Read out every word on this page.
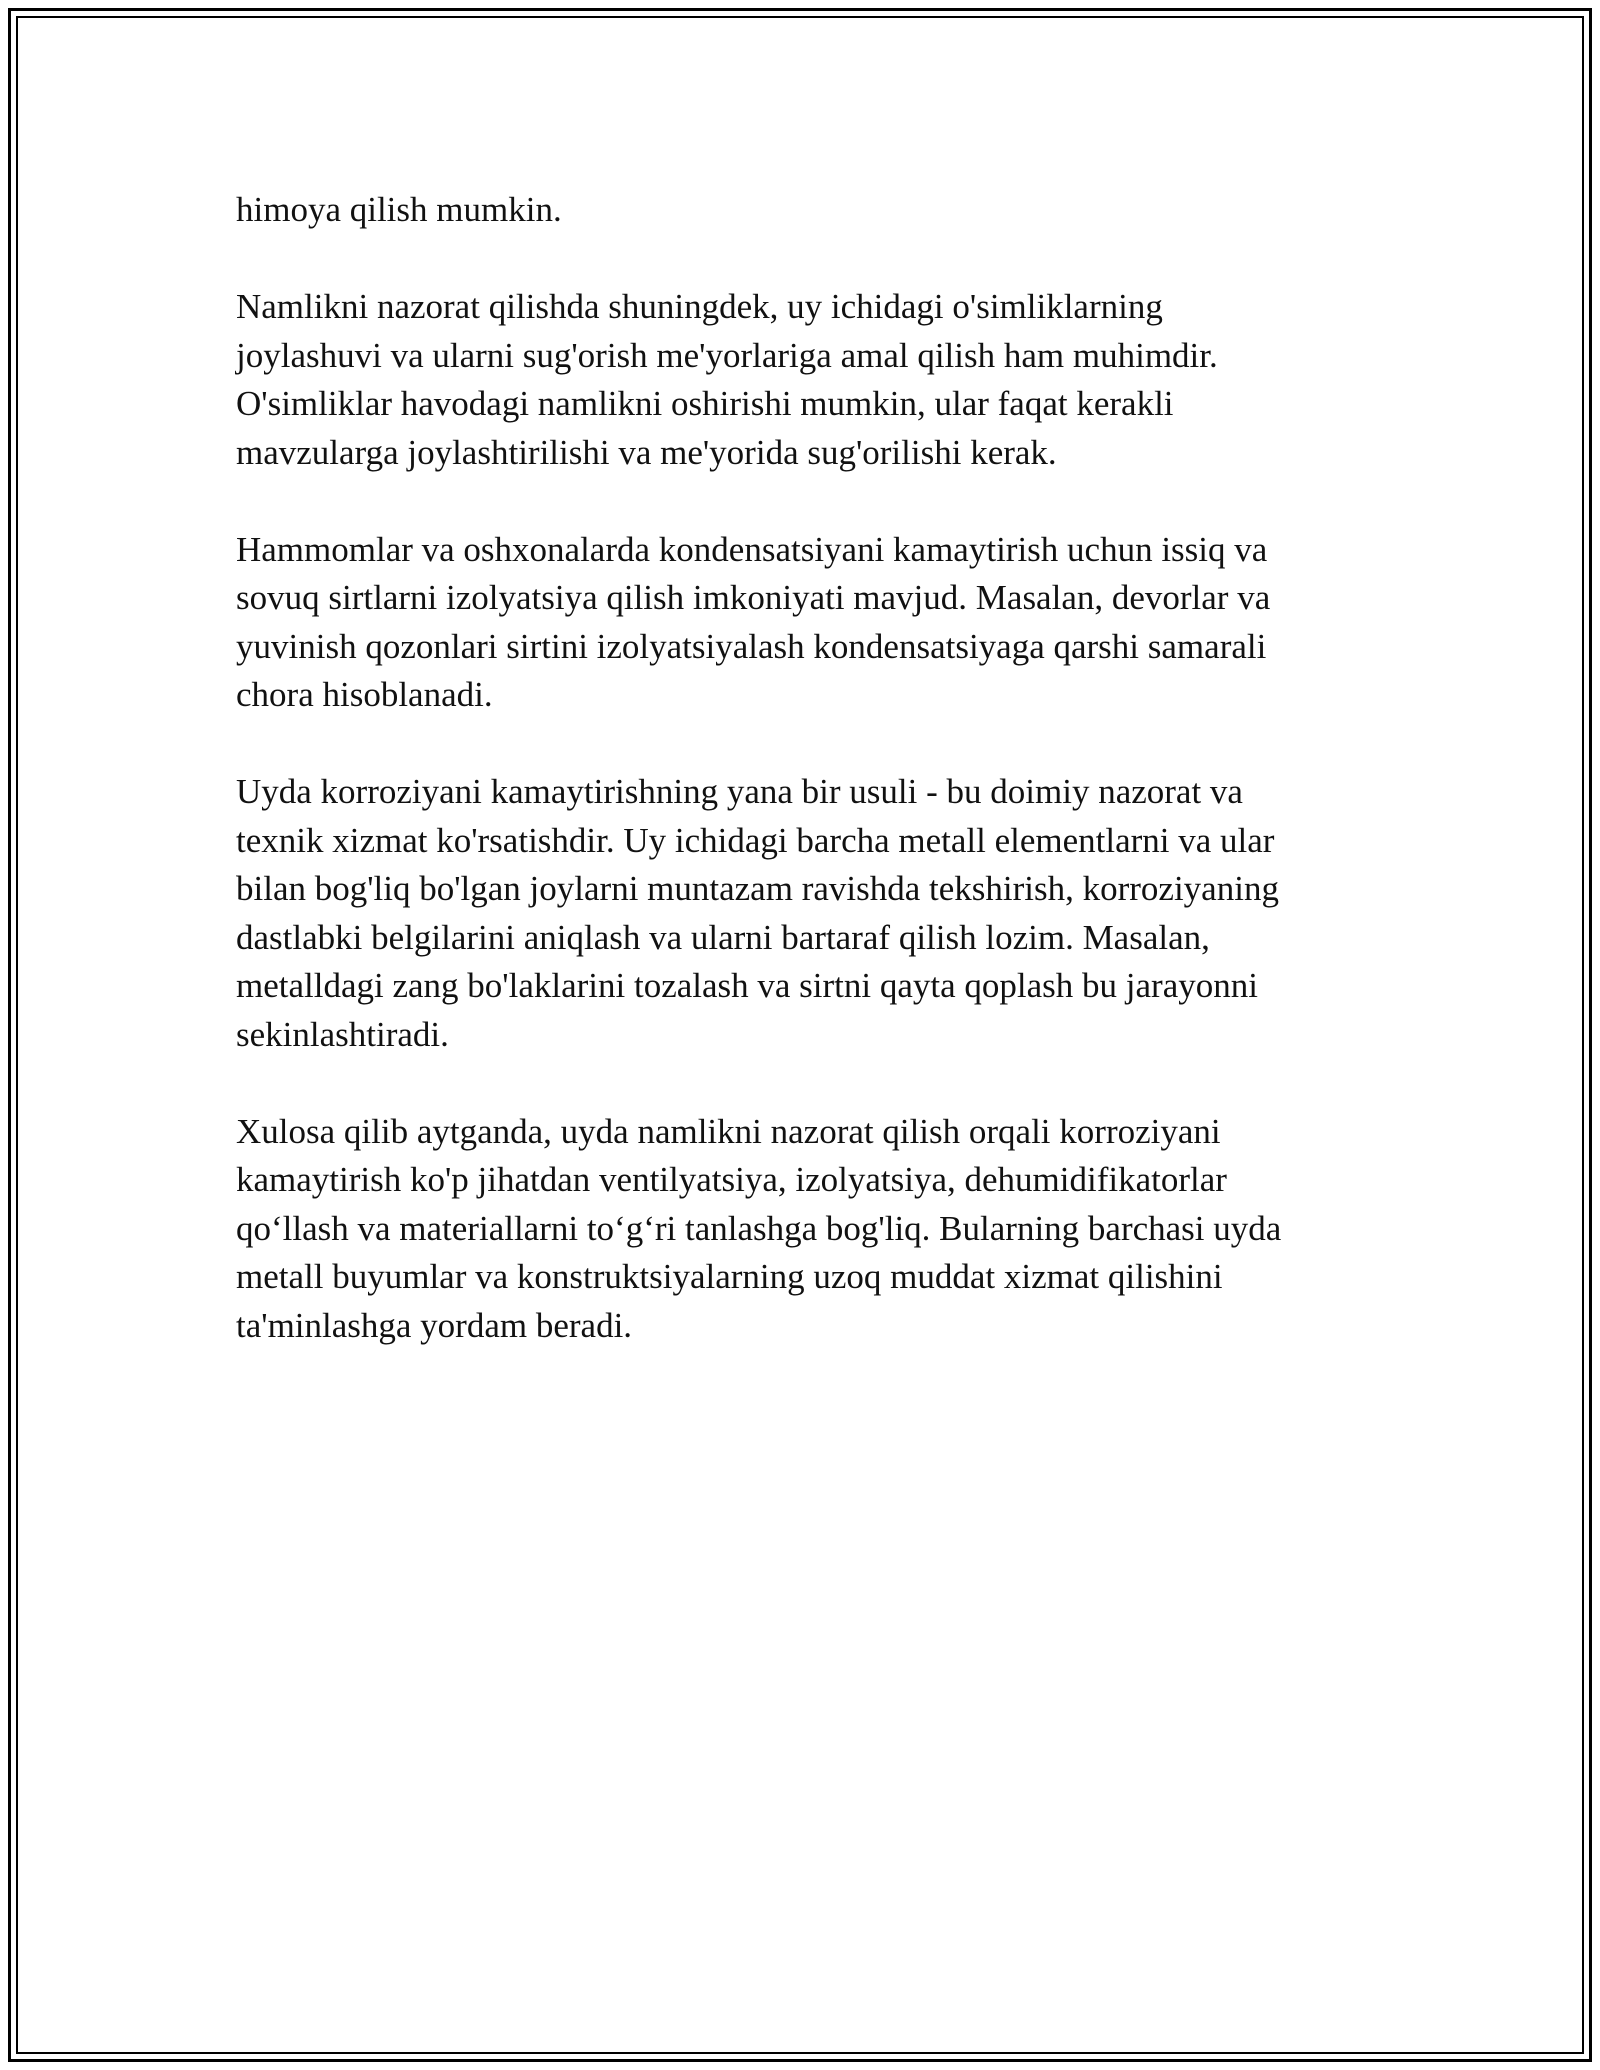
himoya qilish mumkin.

Namlikni nazorat qilishda shuningdek, uy ichidagi o'simliklarning
joylashuvi va ularni sug'orish me'yorlariga amal qilish ham muhimdir.
O'simliklar havodagi namlikni oshirishi mumkin, ular faqat kerakli
mavzularga joylashtirilishi va me'yorida sug'orilishi kerak.

Hammomlar va oshxonalarda kondensatsiyani kamaytirish uchun issiq va
sovuq sirtlarni izolyatsiya qilish imkoniyati mavjud. Masalan, devorlar va
yuvinish qozonlari sirtini izolyatsiyalash kondensatsiyaga qarshi samarali
chora hisoblanadi.

Uyda korroziyani kamaytirishning yana bir usuli - bu doimiy nazorat va
texnik xizmat ko'rsatishdir. Uy ichidagi barcha metall elementlarni va ular
bilan bog'liq bo'lgan joylarni muntazam ravishda tekshirish, korroziyaning
dastlabki belgilarini aniqlash va ularni bartaraf qilish lozim. Masalan,
metalldagi zang bo'laklarini tozalash va sirtni qayta qoplash bu jarayonni
sekinlashtiradi.

Xulosa qilib aytganda, uyda namlikni nazorat qilish orqali korroziyani
kamaytirish ko'p jihatdan ventilyatsiya, izolyatsiya, dehumidifikatorlar
qo‘llash va materiallarni to‘g‘ri tanlashga bog'liq. Bularning barchasi uyda
metall buyumlar va konstruktsiyalarning uzoq muddat xizmat qilishini
ta'minlashga yordam beradi.
